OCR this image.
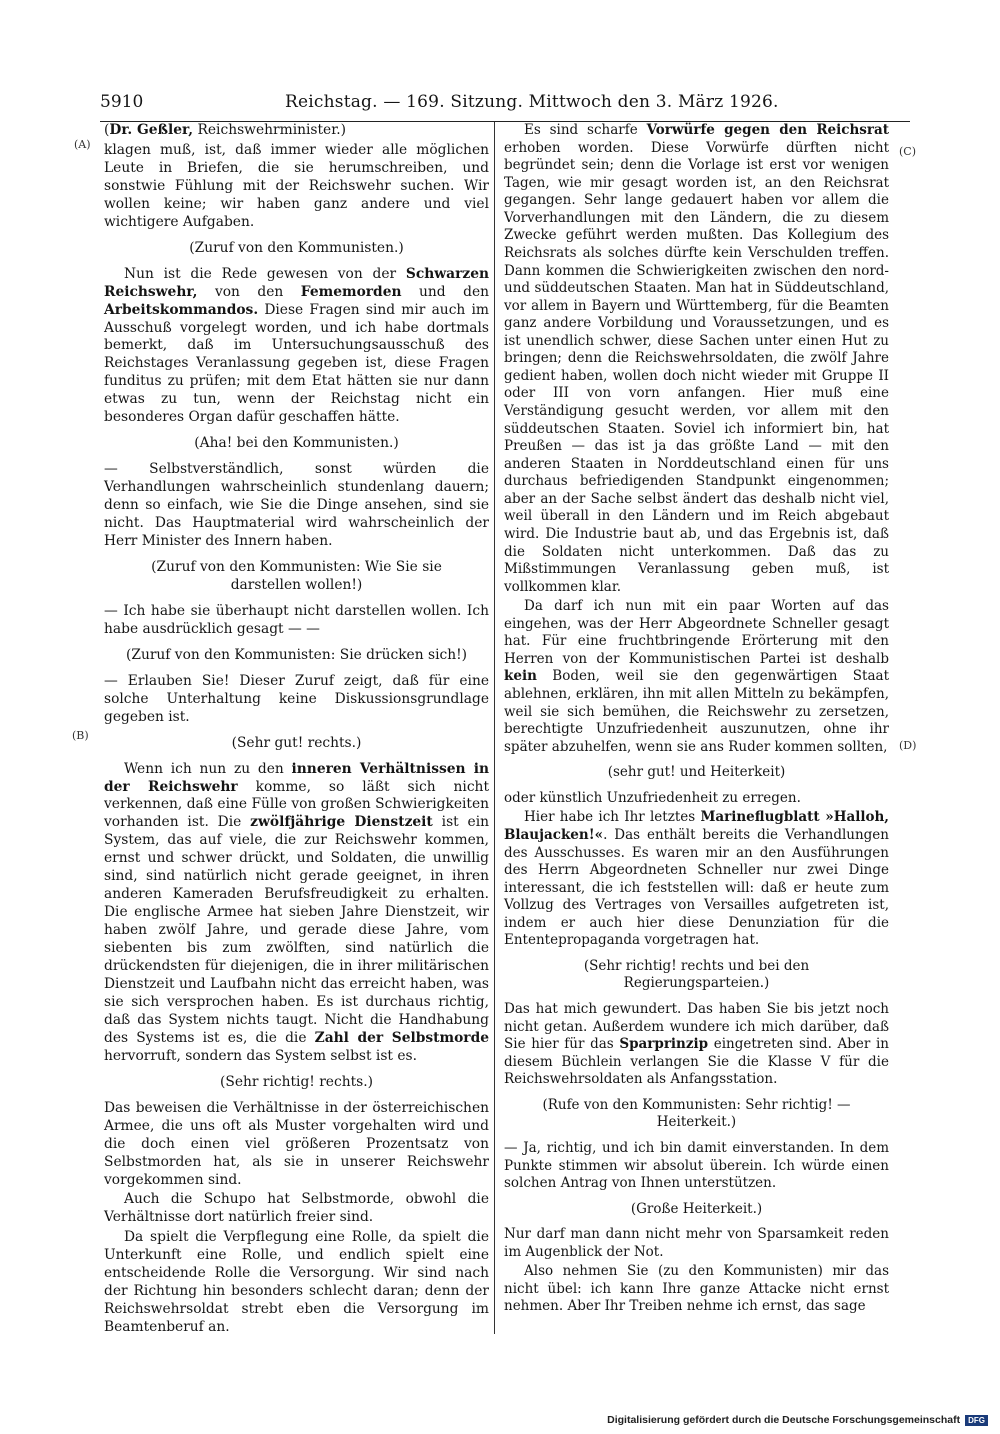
5910	Reichstag. — 169. Sitzung. Mittwoch den 3. März 1926.
(A)
(B)
(C)
(D)

(Dr. Geßler, Reichswehrminister.)

klagen muß, ist, daß immer wieder alle möglichen Leute in Briefen, die sie herumschreiben, und sonstwie Fühlung mit der Reichswehr suchen. Wir wollen keine; wir haben ganz andere und viel wichtigere Aufgaben.

(Zuruf von den Kommunisten.)

Nun ist die Rede gewesen von der Schwarzen Reichswehr, von den Fememorden und den Arbeitskommandos. Diese Fragen sind mir auch im Ausschuß vorgelegt worden, und ich habe dortmals bemerkt, daß im Untersuchungsausschuß des Reichstages Veranlassung gegeben ist, diese Fragen funditus zu prüfen; mit dem Etat hätten sie nur dann etwas zu tun, wenn der Reichstag nicht ein besonderes Organ dafür geschaffen hätte.

(Aha! bei den Kommunisten.)

— Selbstverständlich, sonst würden die Verhandlungen wahrscheinlich stundenlang dauern; denn so einfach, wie Sie die Dinge ansehen, sind sie nicht. Das Hauptmaterial wird wahrscheinlich der Herr Minister des Innern haben.

(Zuruf von den Kommunisten: Wie Sie sie darstellen wollen!)

— Ich habe sie überhaupt nicht darstellen wollen. Ich habe ausdrücklich gesagt — —

(Zuruf von den Kommunisten: Sie drücken sich!)

— Erlauben Sie! Dieser Zuruf zeigt, daß für eine solche Unterhaltung keine Diskussionsgrundlage gegeben ist.

(Sehr gut! rechts.)

Wenn ich nun zu den inneren Verhältnissen in der Reichswehr komme, so läßt sich nicht verkennen, daß eine Fülle von großen Schwierigkeiten vorhanden ist. Die zwölfjährige Dienstzeit ist ein System, das auf viele, die zur Reichswehr kommen, ernst und schwer drückt, und Soldaten, die unwillig sind, sind natürlich nicht gerade geeignet, in ihren anderen Kameraden Berufsfreudigkeit zu erhalten. Die englische Armee hat sieben Jahre Dienstzeit, wir haben zwölf Jahre, und gerade diese Jahre, vom siebenten bis zum zwölften, sind natürlich die drückendsten für diejenigen, die in ihrer militärischen Dienstzeit und Laufbahn nicht das erreicht haben, was sie sich versprochen haben. Es ist durchaus richtig, daß das System nichts taugt. Nicht die Handhabung des Systems ist es, die die Zahl der Selbstmorde hervorruft, sondern das System selbst ist es.

(Sehr richtig! rechts.)

Das beweisen die Verhältnisse in der österreichischen Armee, die uns oft als Muster vorgehalten wird und die doch einen viel größeren Prozentsatz von Selbstmorden hat, als sie in unserer Reichswehr vorgekommen sind.

Auch die Schupo hat Selbstmorde, obwohl die Verhältnisse dort natürlich freier sind.

Da spielt die Verpflegung eine Rolle, da spielt die Unterkunft eine Rolle, und endlich spielt eine entscheidende Rolle die Versorgung. Wir sind nach der Richtung hin besonders schlecht daran; denn der Reichswehrsoldat strebt eben die Versorgung im Beamtenberuf an.

Es sind scharfe Vorwürfe gegen den Reichsrat erhoben worden. Diese Vorwürfe dürften nicht begründet sein; denn die Vorlage ist erst vor wenigen Tagen, wie mir gesagt worden ist, an den Reichsrat gegangen. Sehr lange gedauert haben vor allem die Vorverhandlungen mit den Ländern, die zu diesem Zwecke geführt werden mußten. Das Kollegium des Reichsrats als solches dürfte kein Verschulden treffen. Dann kommen die Schwierigkeiten zwischen den nord- und süddeutschen Staaten. Man hat in Süddeutschland, vor allem in Bayern und Württemberg, für die Beamten ganz andere Vorbildung und Voraussetzungen, und es ist unendlich schwer, diese Sachen unter einen Hut zu bringen; denn die Reichswehrsoldaten, die zwölf Jahre gedient haben, wollen doch nicht wieder mit Gruppe II oder III von vorn anfangen. Hier muß eine Verständigung gesucht werden, vor allem mit den süddeutschen Staaten. Soviel ich informiert bin, hat Preußen — das ist ja das größte Land — mit den anderen Staaten in Norddeutschland einen für uns durchaus befriedigenden Standpunkt eingenommen; aber an der Sache selbst ändert das deshalb nicht viel, weil überall in den Ländern und im Reich abgebaut wird. Die Industrie baut ab, und das Ergebnis ist, daß die Soldaten nicht unterkommen. Daß das zu Mißstimmungen Veranlassung geben muß, ist vollkommen klar.

Da darf ich nun mit ein paar Worten auf das eingehen, was der Herr Abgeordnete Schneller gesagt hat. Für eine fruchtbringende Erörterung mit den Herren von der Kommunistischen Partei ist deshalb kein Boden, weil sie den gegenwärtigen Staat ablehnen, erklären, ihn mit allen Mitteln zu bekämpfen, weil sie sich bemühen, die Reichswehr zu zersetzen, berechtigte Unzufriedenheit auszunutzen, ohne ihr später abzuhelfen, wenn sie ans Ruder kommen sollten,

(sehr gut! und Heiterkeit)

oder künstlich Unzufriedenheit zu erregen.

Hier habe ich Ihr letztes Marineflugblatt »Halloh, Blaujacken!«. Das enthält bereits die Verhandlungen des Ausschusses. Es waren mir an den Ausführungen des Herrn Abgeordneten Schneller nur zwei Dinge interessant, die ich feststellen will: daß er heute zum Vollzug des Vertrages von Versailles aufgetreten ist, indem er auch hier diese Denunziation für die Ententepropaganda vorgetragen hat.

(Sehr richtig! rechts und bei den Regierungsparteien.)

Das hat mich gewundert. Das haben Sie bis jetzt noch nicht getan. Außerdem wundere ich mich darüber, daß Sie hier für das Sparprinzip eingetreten sind. Aber in diesem Büchlein verlangen Sie die Klasse V für die Reichswehrsoldaten als Anfangsstation.

(Rufe von den Kommunisten: Sehr richtig! — Heiterkeit.)

— Ja, richtig, und ich bin damit einverstanden. In dem Punkte stimmen wir absolut überein. Ich würde einen solchen Antrag von Ihnen unterstützen.

(Große Heiterkeit.)

Nur darf man dann nicht mehr von Sparsamkeit reden im Augenblick der Not.

Also nehmen Sie (zu den Kommunisten) mir das nicht übel: ich kann Ihre ganze Attacke nicht ernst nehmen. Aber Ihr Treiben nehme ich ernst, das sage

Digitalisierung gefördert durch die Deutsche Forschungsgemeinschaft	DFG
